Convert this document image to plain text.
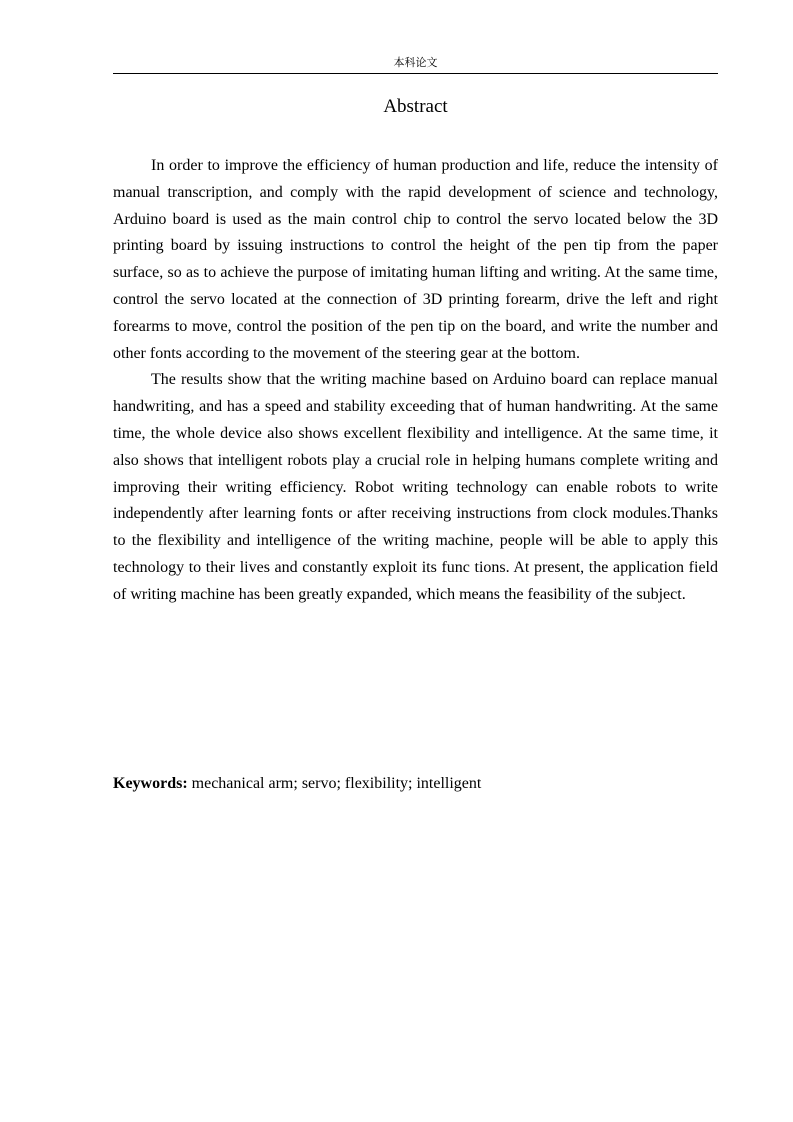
本科论文
Abstract

In order to improve the efficiency of human production and life, reduce the intensity of manual transcription, and comply with the rapid development of science and technology, Arduino board is used as the main control chip to control the servo located below the 3D printing board by issuing instructions to control the height of the pen tip from the paper surface, so as to achieve the purpose of imitating human lifting and writing. At the same time, control the servo located at the connection of 3D printing forearm, drive the left and right forearms to move, control the position of the pen tip on the board, and write the number and other fonts according to the movement of the steering gear at the bottom.

The results show that the writing machine based on Arduino board can replace manual handwriting, and has a speed and stability exceeding that of human handwriting. At the same time, the whole device also shows excellent flexibility and intelligence. At the same time, it also shows that intelligent robots play a crucial role in helping humans complete writing and improving their writing efficiency. Robot writing technology can enable robots to write independently after learning fonts or after receiving instructions from clock modules.Thanks to the flexibility and intelligence of the writing machine, people will be able to apply this technology to their lives and constantly exploit its func tions. At present, the application field of writing machine has been greatly expanded, which means the feasibility of the subject.

Keywords: mechanical arm; servo; flexibility; intelligent
